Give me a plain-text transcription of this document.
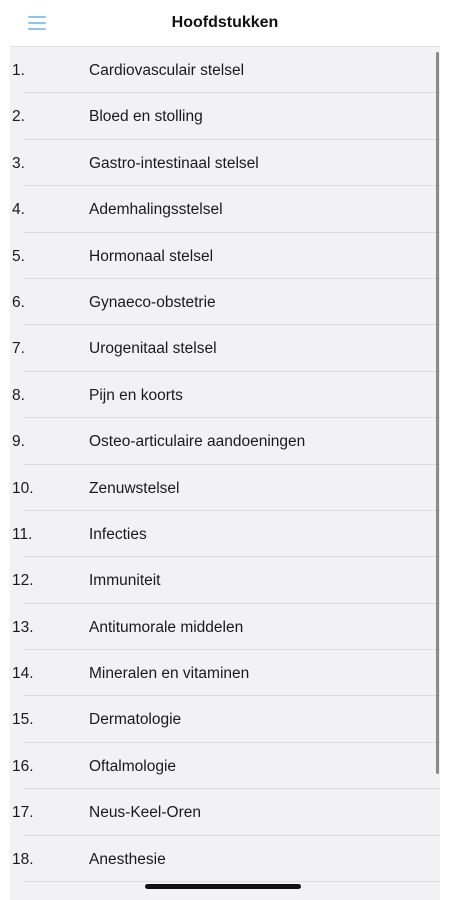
Hoofdstukken
1.	Cardiovasculair stelsel
2.	Bloed en stolling
3.	Gastro-intestinaal stelsel
4.	Ademhalingsstelsel
5.	Hormonaal stelsel
6.	Gynaeco-obstetrie
7.	Urogenitaal stelsel
8.	Pijn en koorts
9.	Osteo-articulaire aandoeningen
10.	Zenuwstelsel
11.	Infecties
12.	Immuniteit
13.	Antitumorale middelen
14.	Mineralen en vitaminen
15.	Dermatologie
16.	Oftalmologie
17.	Neus-Keel-Oren
18.	Anesthesie
